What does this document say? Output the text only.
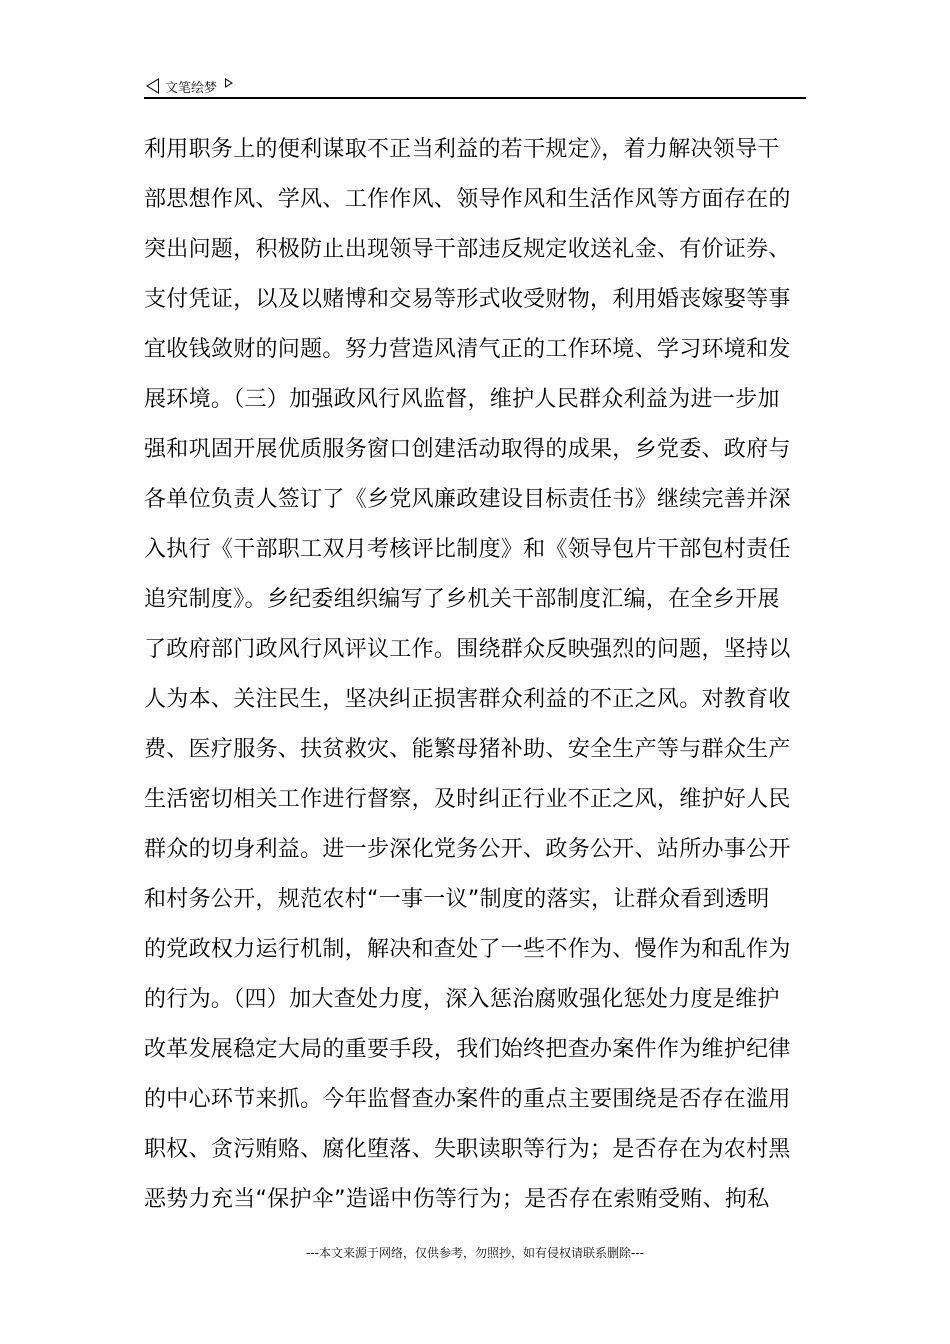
文笔绘梦
利用职务上的便利谋取不正当利益的若干规定》，着力解决领导干
部思想作风、学风、工作作风、领导作风和生活作风等方面存在的
突出问题，积极防止出现领导干部违反规定收送礼金、有价证券、
支付凭证，以及以赌博和交易等形式收受财物，利用婚丧嫁娶等事
宜收钱敛财的问题。努力营造风清气正的工作环境、学习环境和发
展环境。（三）加强政风行风监督，维护人民群众利益为进一步加
强和巩固开展优质服务窗口创建活动取得的成果，乡党委、政府与
各单位负责人签订了《乡党风廉政建设目标责任书》继续完善并深
入执行《干部职工双月考核评比制度》和《领导包片干部包村责任
追究制度》。乡纪委组织编写了乡机关干部制度汇编，在全乡开展
了政府部门政风行风评议工作。围绕群众反映强烈的问题，坚持以
人为本、关注民生，坚决纠正损害群众利益的不正之风。对教育收
费、医疗服务、扶贫救灾、能繁母猪补助、安全生产等与群众生产
生活密切相关工作进行督察，及时纠正行业不正之风，维护好人民
群众的切身利益。进一步深化党务公开、政务公开、站所办事公开
和村务公开，规范农村“一事一议”制度的落实，让群众看到透明
的党政权力运行机制，解决和查处了一些不作为、慢作为和乱作为
的行为。（四）加大查处力度，深入惩治腐败强化惩处力度是维护
改革发展稳定大局的重要手段，我们始终把查办案件作为维护纪律
的中心环节来抓。今年监督查办案件的重点主要围绕是否存在滥用
职权、贪污贿赂、腐化堕落、失职读职等行为；是否存在为农村黑
恶势力充当“保护伞”造谣中伤等行为；是否存在索贿受贿、拘私
---本文来源于网络，仅供参考，勿照抄，如有侵权请联系删除---
